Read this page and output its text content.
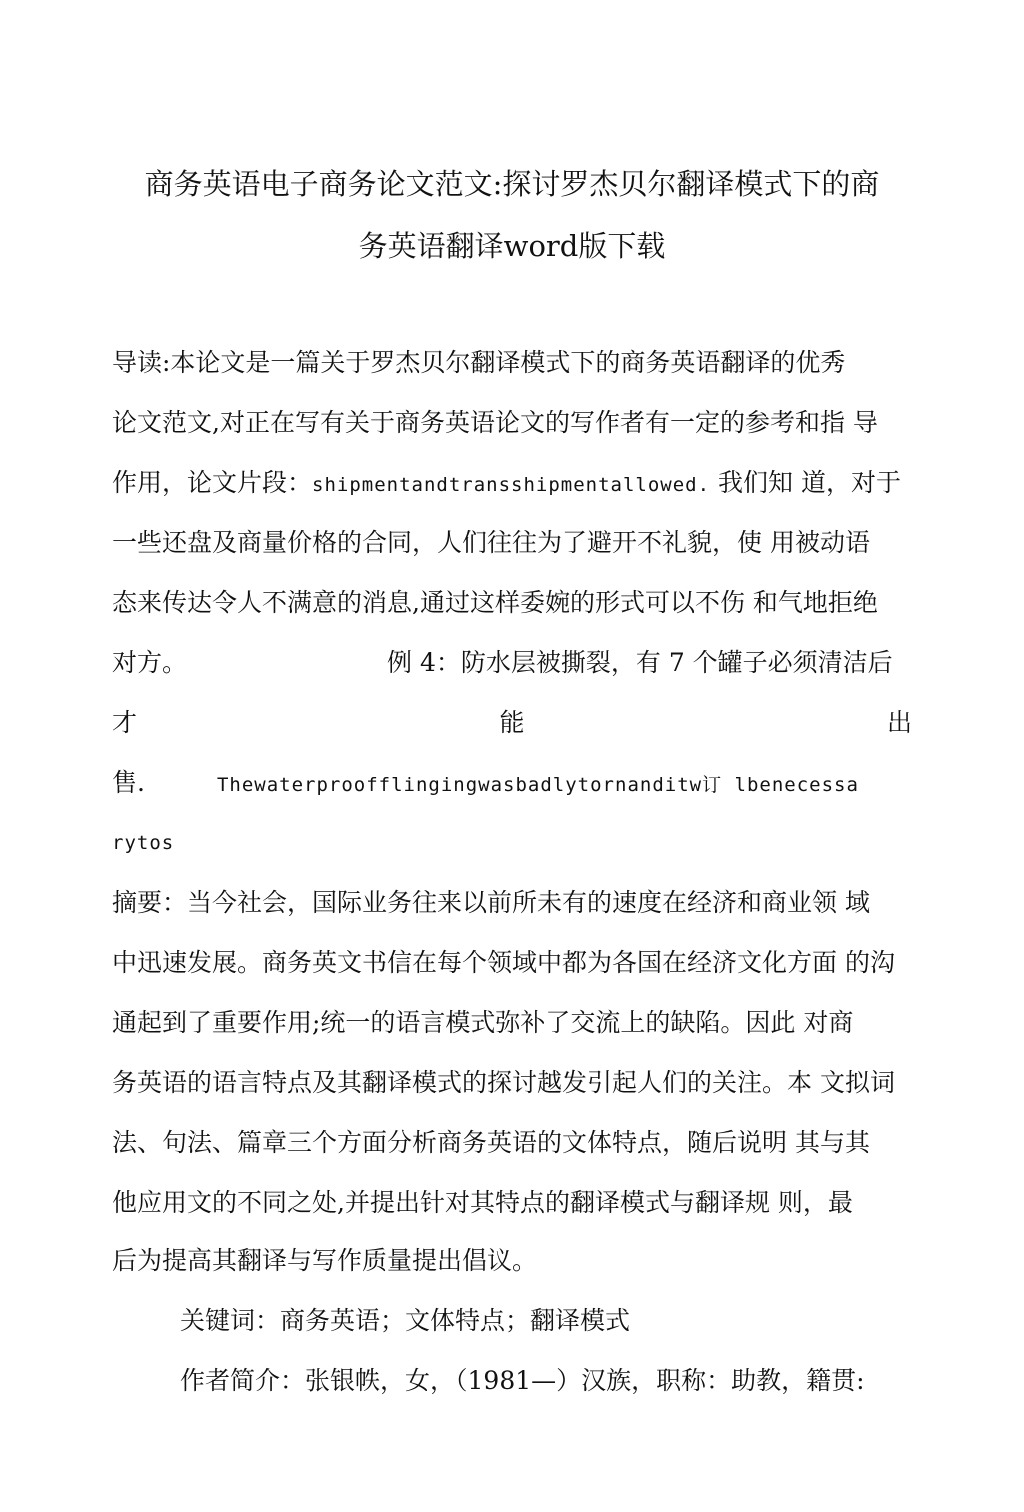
商务英语电子商务论文范文:探讨罗杰贝尔翻译模式下的商
务英语翻译word版下载
导读:本论文是一篇关于罗杰贝尔翻译模式下的商务英语翻译的优秀
论文范文,对正在写有关于商务英语论文的写作者有一定的参考和指 导
作用，论文片段：shipmentandtransshipmentallowed. 我们知 道，对于
一些还盘及商量价格的合同，人们往往为了避开不礼貌，使 用被动语
态来传达令人不满意的消息,通过这样委婉的形式可以不伤 和气地拒绝
对方。	例 4：防水层被撕裂，有 7 个罐子必须清洁后
才	能	出
售.	Thewaterproofflingingwasbadlytornanditw订 lbenecessa
rytos
摘要：当今社会，国际业务往来以前所未有的速度在经济和商业领 域
中迅速发展。商务英文书信在每个领域中都为各国在经济文化方面 的沟
通起到了重要作用;统一的语言模式弥补了交流上的缺陷。因此 对商
务英语的语言特点及其翻译模式的探讨越发引起人们的关注。本 文拟词
法、句法、篇章三个方面分析商务英语的文体特点，随后说明 其与其
他应用文的不同之处,并提出针对其特点的翻译模式与翻译规 则，最
后为提高其翻译与写作质量提出倡议。
关键词：商务英语；文体特点；翻译模式
作者简介：张银帙，女，（1981—）汉族，职称：助教，籍贯:
